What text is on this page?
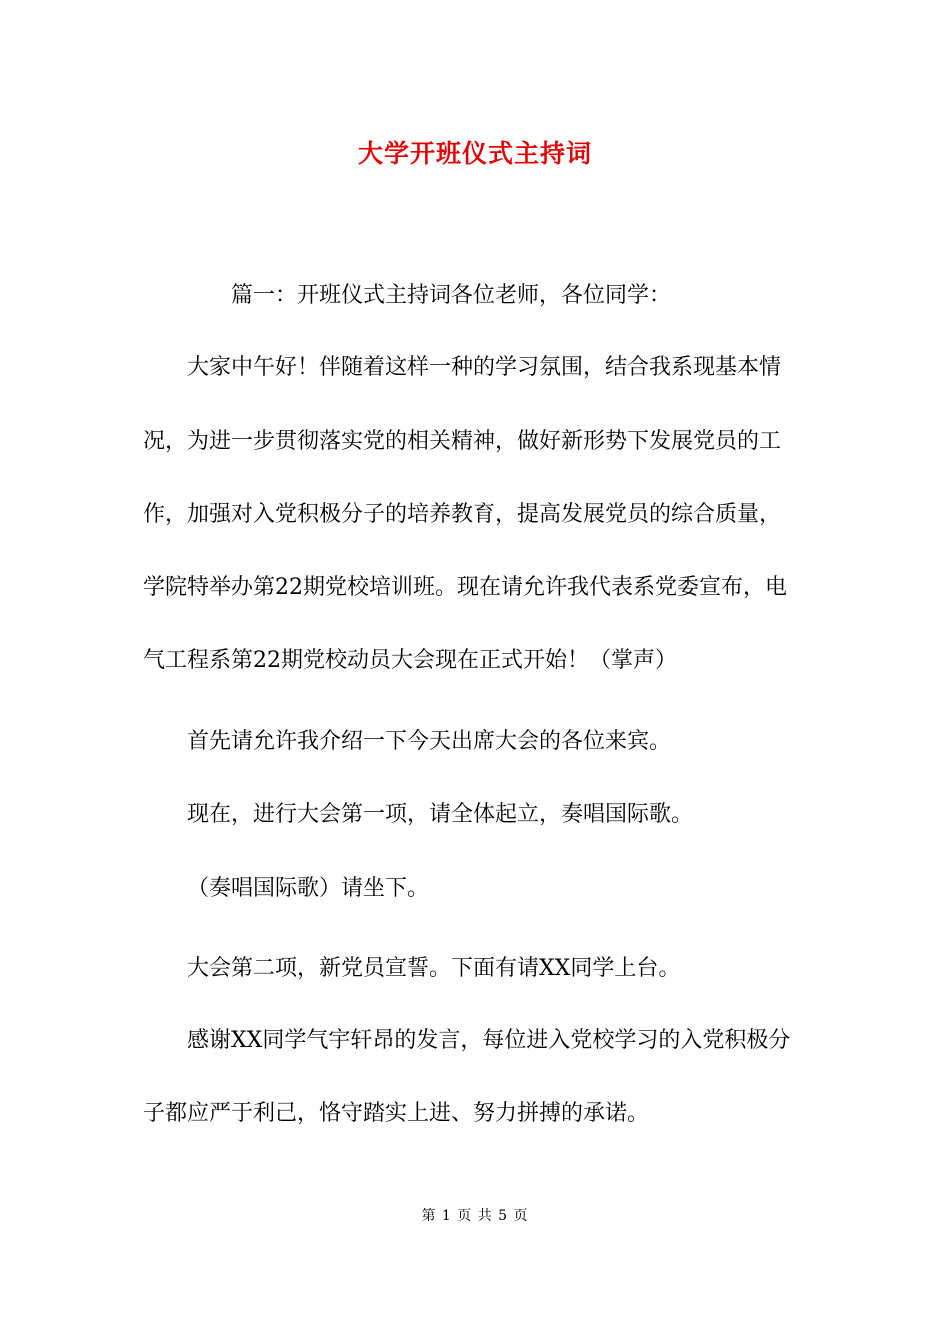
大学开班仪式主持词
篇一：开班仪式主持词各位老师，各位同学：
大家中午好！伴随着这样一种的学习氛围，结合我系现基本情
况，为进一步贯彻落实党的相关精神，做好新形势下发展党员的工
作，加强对入党积极分子的培养教育，提高发展党员的综合质量，
学院特举办第22期党校培训班。现在请允许我代表系党委宣布，电
气工程系第22期党校动员大会现在正式开始！（掌声）
首先请允许我介绍一下今天出席大会的各位来宾。
现在，进行大会第一项，请全体起立，奏唱国际歌。
（奏唱国际歌）请坐下。
大会第二项，新党员宣誓。下面有请XX同学上台。
感谢XX同学气宇轩昂的发言，每位进入党校学习的入党积极分
子都应严于利己，恪守踏实上进、努力拼搏的承诺。
第 1 页 共 5 页
